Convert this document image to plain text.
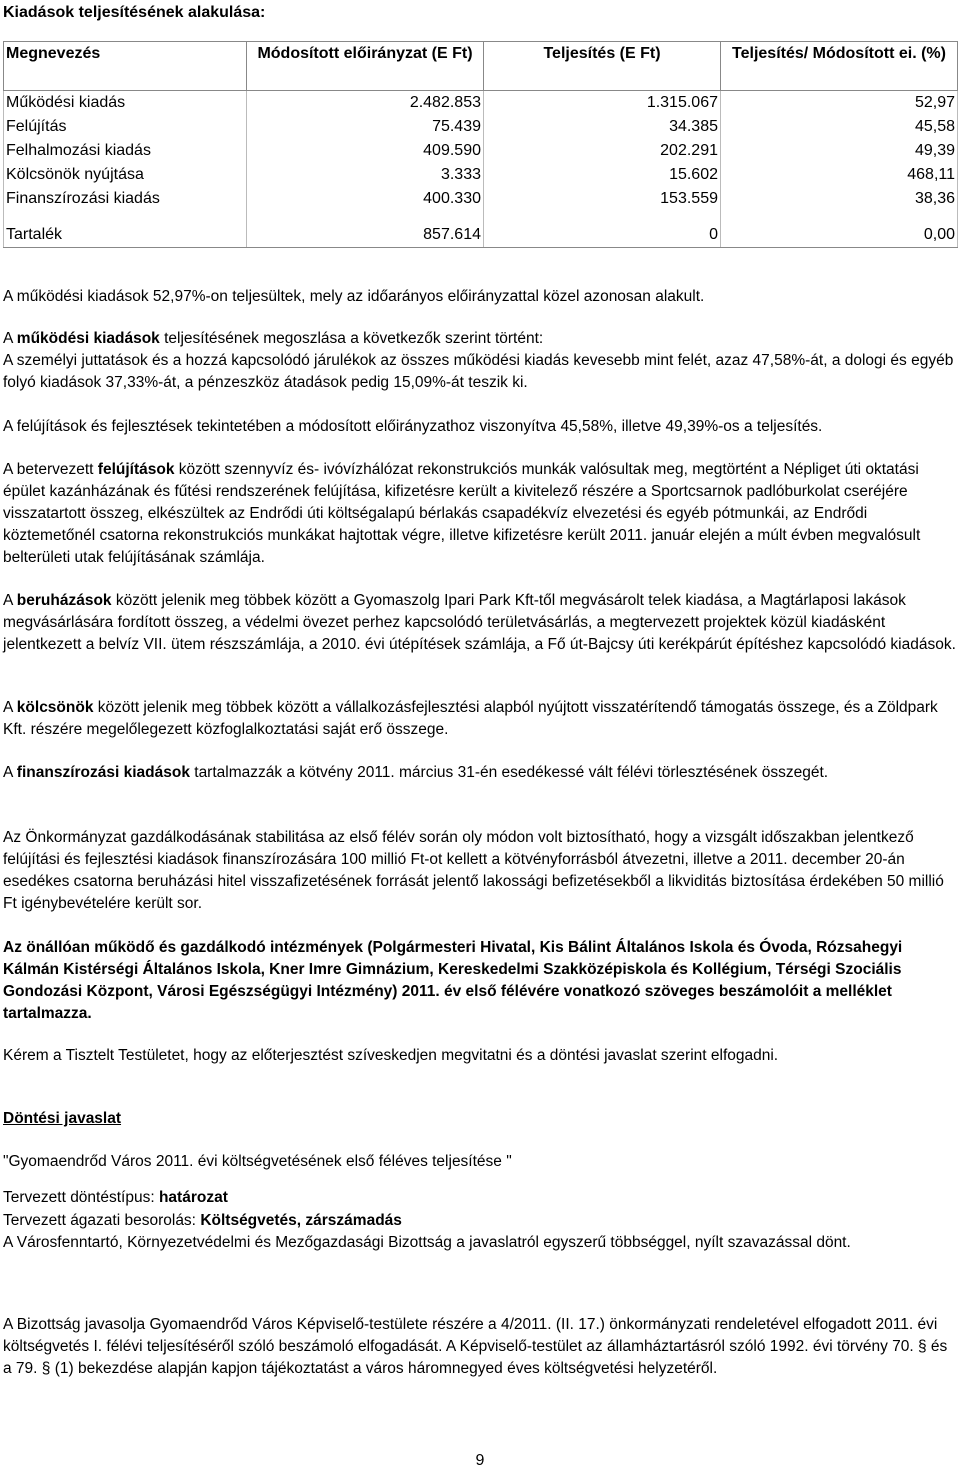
Kiadások teljesítésének alakulása:
Megnevezés	Módosított előirányzat (E Ft)	Teljesítés (E Ft)	Teljesítés/ Módosított ei. (%)
Működési kiadás	2.482.853	1.315.067	52,97
Felújítás	75.439	34.385	45,58
Felhalmozási kiadás	409.590	202.291	49,39
Kölcsönök nyújtása	3.333	15.602	468,11
Finanszírozási kiadás	400.330	153.559	38,36

Tartalék	857.614	0	0,00
A működési kiadások 52,97%-on teljesültek, mely az időarányos előirányzattal közel azonosan alakult.
A működési kiadások teljesítésének megoszlása a következők szerint történt:
A személyi juttatások és a hozzá kapcsolódó járulékok az összes működési kiadás kevesebb mint felét, azaz 47,58%-át, a dologi és egyéb folyó kiadások 37,33%-át, a pénzeszköz átadások pedig 15,09%-át teszik ki.
A felújítások és fejlesztések tekintetében a módosított előirányzathoz viszonyítva 45,58%, illetve 49,39%-os a teljesítés.
A betervezett felújítások között szennyvíz és- ivóvízhálózat rekonstrukciós munkák valósultak meg, megtörtént a Népliget úti oktatási épület kazánházának és fűtési rendszerének felújítása, kifizetésre került a kivitelező részére a Sportcsarnok padlóburkolat cseréjére visszatartott összeg, elkészültek az Endrődi úti költségalapú bérlakás csapadékvíz elvezetési és egyéb pótmunkái, az Endrődi köztemetőnél csatorna rekonstrukciós munkákat hajtottak végre, illetve kifizetésre került 2011. január elején a múlt évben megvalósult belterületi utak felújításának számlája.
A beruházások között jelenik meg többek között a Gyomaszolg Ipari Park Kft-től megvásárolt telek kiadása, a Magtárlaposi lakások megvásárlására fordított összeg, a védelmi övezet perhez kapcsolódó területvásárlás, a megtervezett projektek közül kiadásként jelentkezett a belvíz VII. ütem részszámlája, a 2010. évi útépítések számlája, a Fő út-Bajcsy úti kerékpárút építéshez kapcsolódó kiadások.
A kölcsönök között jelenik meg többek között a vállalkozásfejlesztési alapból nyújtott visszatérítendő támogatás összege, és a Zöldpark Kft. részére megelőlegezett közfoglalkoztatási saját erő összege.
A finanszírozási kiadások tartalmazzák a kötvény 2011. március 31-én esedékessé vált félévi törlesztésének összegét.
Az Önkormányzat gazdálkodásának stabilitása az első félév során oly módon volt biztosítható, hogy a vizsgált időszakban jelentkező felújítási és fejlesztési kiadások finanszírozására 100 millió Ft-ot kellett a kötvényforrásból átvezetni, illetve a 2011. december 20-án esedékes csatorna beruházási hitel visszafizetésének forrását jelentő lakossági befizetésekből a likviditás biztosítása érdekében 50 millió Ft igénybevételére került sor.
Az önállóan működő és gazdálkodó intézmények (Polgármesteri Hivatal, Kis Bálint Általános Iskola és Óvoda, Rózsahegyi Kálmán Kistérségi Általános Iskola, Kner Imre Gimnázium, Kereskedelmi Szakközépiskola és Kollégium, Térségi Szociális Gondozási Központ, Városi Egészségügyi Intézmény) 2011. év első félévére vonatkozó szöveges beszámolóit a melléklet tartalmazza.
Kérem a Tisztelt Testületet, hogy az előterjesztést szíveskedjen megvitatni és a döntési javaslat szerint elfogadni.
Döntési javaslat
"Gyomaendrőd Város 2011. évi költségvetésének első féléves teljesítése "
Tervezett döntéstípus: határozat
Tervezett ágazati besorolás: Költségvetés, zárszámadás
A Városfenntartó, Környezetvédelmi és Mezőgazdasági Bizottság a javaslatról egyszerű többséggel, nyílt szavazással dönt.
A Bizottság javasolja Gyomaendrőd Város Képviselő-testülete részére a 4/2011. (II. 17.) önkormányzati rendeletével elfogadott 2011. évi költségvetés I. félévi teljesítéséről szóló beszámoló elfogadását. A Képviselő-testület az államháztartásról szóló 1992. évi törvény 70. § és a 79. § (1) bekezdése alapján kapjon tájékoztatást a város háromnegyed éves költségvetési helyzetéről.
9
